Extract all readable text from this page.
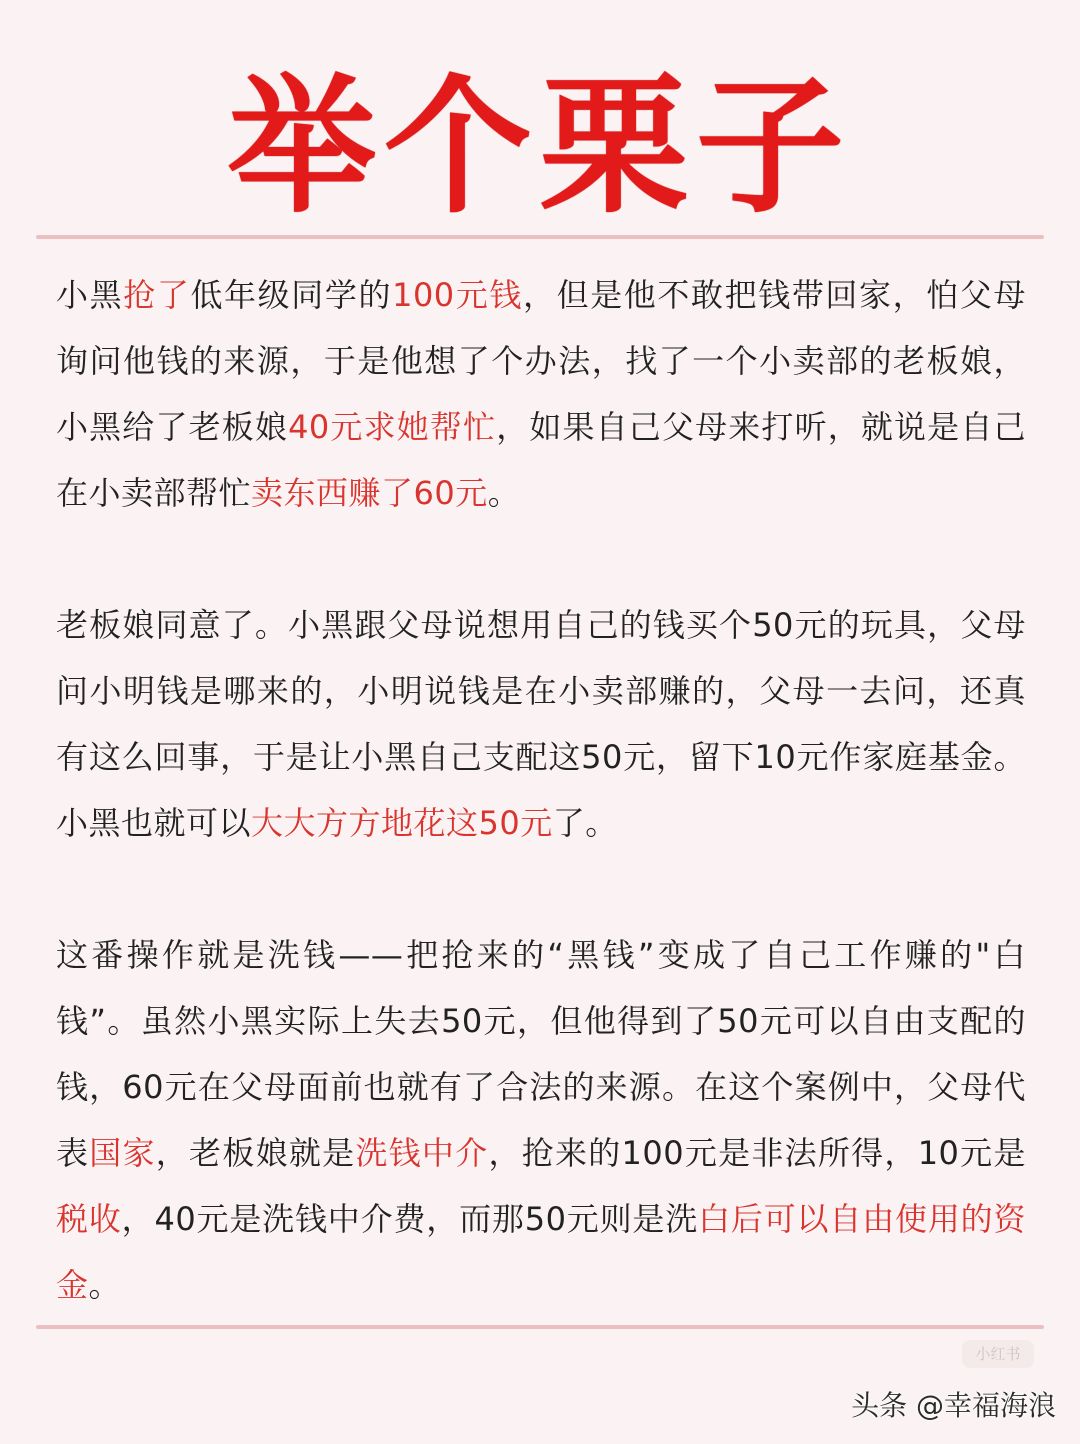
举个栗子

小黑抢了低年级同学的100元钱，但是他不敢把钱带回家，怕父母询问他钱的来源，于是他想了个办法，找了一个小卖部的老板娘，小黑给了老板娘40元求她帮忙，如果自己父母来打听，就说是自己在小卖部帮忙卖东西赚了60元。

老板娘同意了。小黑跟父母说想用自己的钱买个50元的玩具，父母问小明钱是哪来的，小明说钱是在小卖部赚的，父母一去问，还真有这么回事，于是让小黑自己支配这50元，留下10元作家庭基金。小黑也就可以大大方方地花这50元了。

这番操作就是洗钱——把抢来的“黑钱”变成了自己工作赚的"白钱”。虽然小黑实际上失去50元，但他得到了50元可以自由支配的钱，60元在父母面前也就有了合法的来源。在这个案例中，父母代表国家，老板娘就是洗钱中介，抢来的100元是非法所得，10元是税收，40元是洗钱中介费，而那50元则是洗白后可以自由使用的资金。

小红书
头条 @幸福海浪
